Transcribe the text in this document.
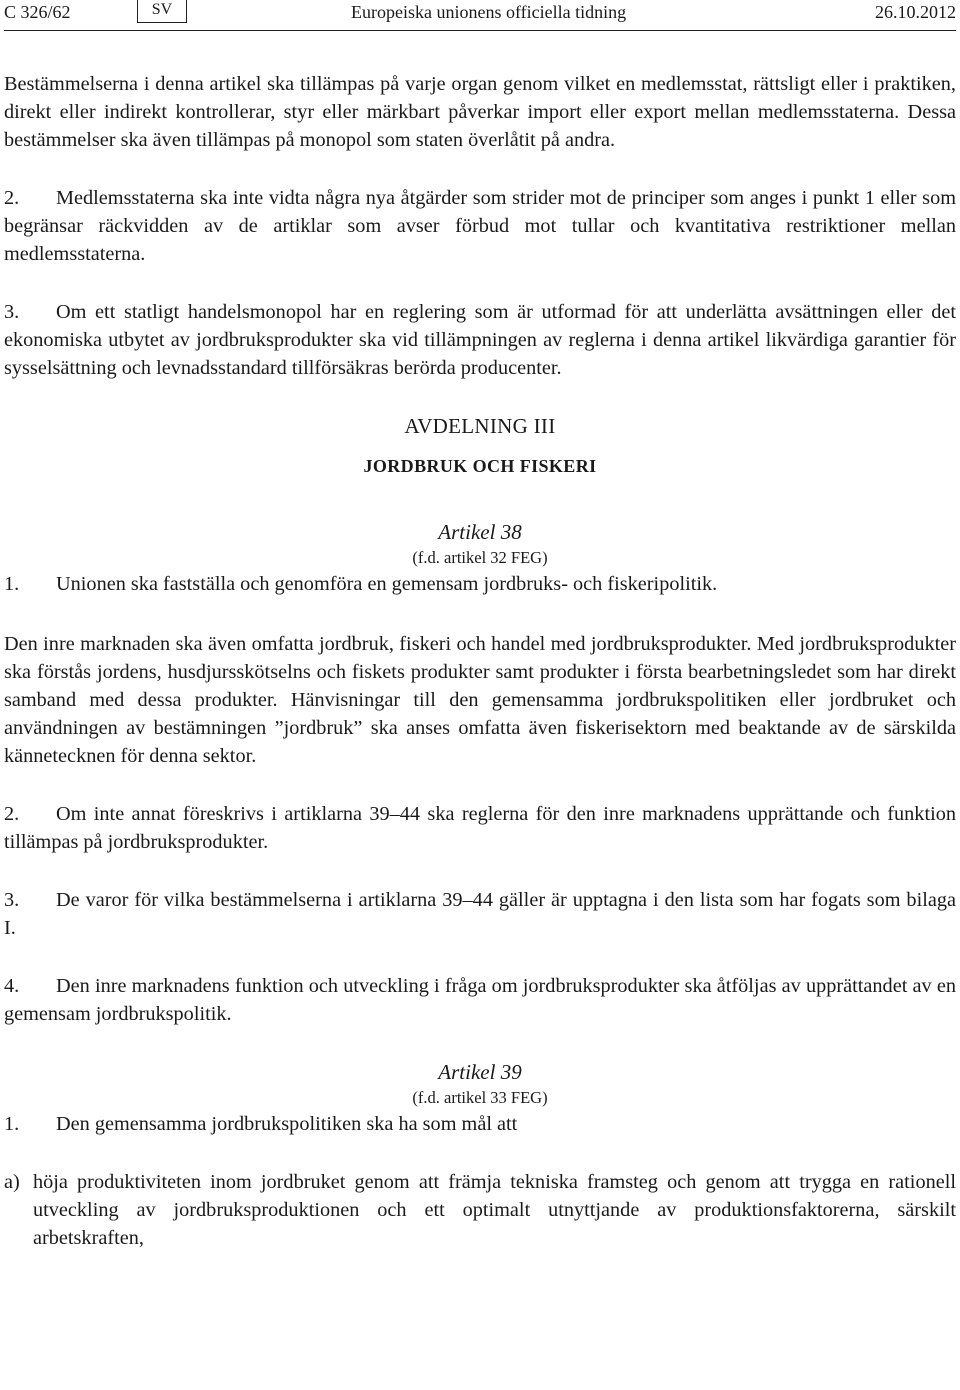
C 326/62	SV	Europeiska unionens officiella tidning	26.10.2012

Bestämmelserna i denna artikel ska tillämpas på varje organ genom vilket en medlemsstat, rättsligt eller i praktiken, direkt eller indirekt kontrollerar, styr eller märkbart påverkar import eller export mellan medlemsstaterna. Dessa bestämmelser ska även tillämpas på monopol som staten överlåtit på andra.

2. Medlemsstaterna ska inte vidta några nya åtgärder som strider mot de principer som anges i punkt 1 eller som begränsar räckvidden av de artiklar som avser förbud mot tullar och kvantitativa restriktioner mellan medlemsstaterna.

3. Om ett statligt handelsmonopol har en reglering som är utformad för att underlätta avsättningen eller det ekonomiska utbytet av jordbruksprodukter ska vid tillämpningen av reglerna i denna artikel likvärdiga garantier för sysselsättning och levnadsstandard tillförsäkras berörda producenter.

AVDELNING III
JORDBRUK OCH FISKERI
Artikel 38
(f.d. artikel 32 FEG)

1. Unionen ska fastställa och genomföra en gemensam jordbruks- och fiskeripolitik.

Den inre marknaden ska även omfatta jordbruk, fiskeri och handel med jordbruksprodukter. Med jordbruksprodukter ska förstås jordens, husdjursskötselns och fiskets produkter samt produkter i första bearbetningsledet som har direkt samband med dessa produkter. Hänvisningar till den gemensamma jordbrukspolitiken eller jordbruket och användningen av bestämningen ”jordbruk” ska anses omfatta även fiskerisektorn med beaktande av de särskilda kännetecknen för denna sektor.

2. Om inte annat föreskrivs i artiklarna 39–44 ska reglerna för den inre marknadens upprättande och funktion tillämpas på jordbruksprodukter.

3. De varor för vilka bestämmelserna i artiklarna 39–44 gäller är upptagna i den lista som har fogats som bilaga I.

4. Den inre marknadens funktion och utveckling i fråga om jordbruksprodukter ska åtföljas av upprättandet av en gemensam jordbrukspolitik.

Artikel 39
(f.d. artikel 33 FEG)

1. Den gemensamma jordbrukspolitiken ska ha som mål att

a) höja produktiviteten inom jordbruket genom att främja tekniska framsteg och genom att trygga en rationell utveckling av jordbruksproduktionen och ett optimalt utnyttjande av produktionsfaktorerna, särskilt arbetskraften,
